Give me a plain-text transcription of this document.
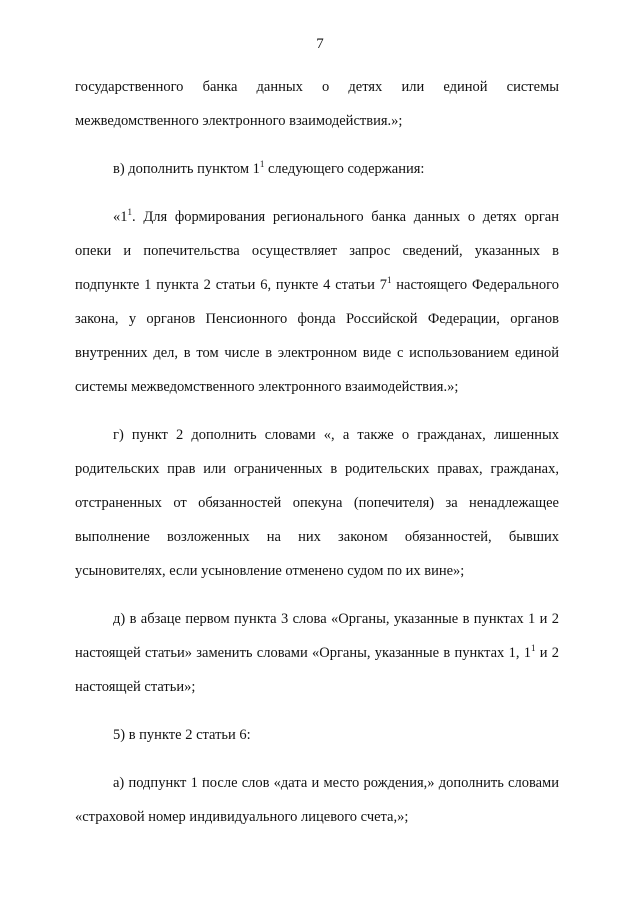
7

государственного банка данных о детях или единой системы

межведомственного электронного взаимодействия.»;

в) дополнить пунктом $1^1$ следующего содержания:

«$1^1$. Для формирования регионального банка данных о детях орган опеки и попечительства осуществляет запрос сведений, указанных в подпункте 1 пункта 2 статьи 6, пункте 4 статьи $7^1$ настоящего Федерального закона, у органов Пенсионного фонда Российской Федерации, органов внутренних дел, в том числе в электронном виде с использованием единой системы межведомственного электронного взаимодействия.»;

г) пункт 2 дополнить словами «, а также о гражданах, лишенных родительских прав или ограниченных в родительских правах, гражданах, отстраненных от обязанностей опекуна (попечителя) за ненадлежащее выполнение возложенных на них законом обязанностей, бывших усыновителях, если усыновление отменено судом по их вине»;

д) в абзаце первом пункта 3 слова «Органы, указанные в пунктах 1 и 2 настоящей статьи» заменить словами «Органы, указанные в пунктах 1, $1^1$ и 2 настоящей статьи»;

5) в пункте 2 статьи 6:

а) подпункт 1 после слов «дата и место рождения,» дополнить словами «страховой номер индивидуального лицевого счета,»;
